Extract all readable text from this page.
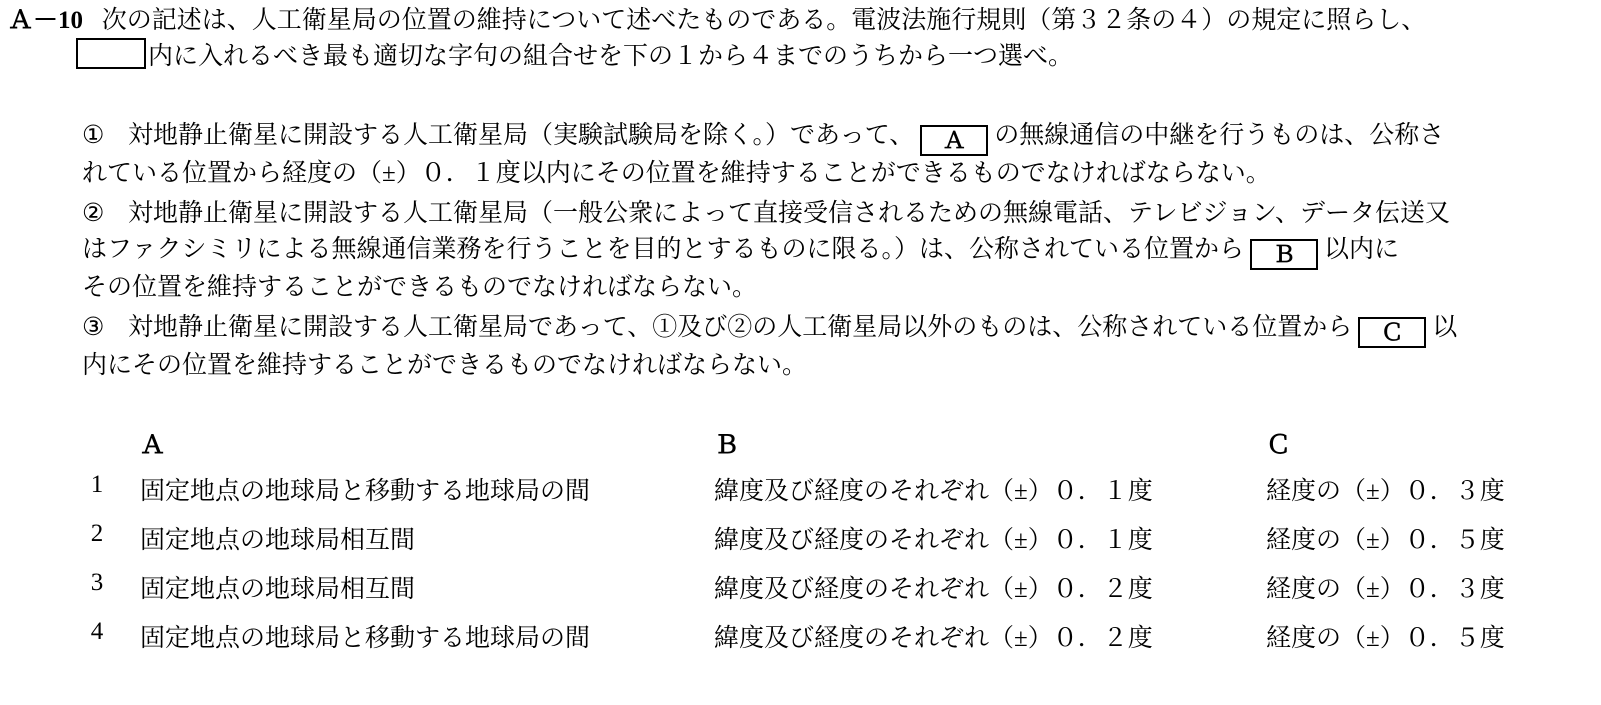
Ａ－10 次の記述は、人工衛星局の位置の維持について述べたものである。電波法施行規則（第３２条の４）の規定に照らし、
内に入れるべき最も適切な字句の組合せを下の１から４までのうちから一つ選べ。
① 対地静止衛星に開設する人工衛星局（実験試験局を除く。）であって、 Ａ の無線通信の中継を行うものは、公称さ
れている位置から経度の（±）０．１度以内にその位置を維持することができるものでなければならない。
② 対地静止衛星に開設する人工衛星局（一般公衆によって直接受信されるための無線電話、テレビジョン、データ伝送又
はファクシミリによる無線通信業務を行うことを目的とするものに限る。）は、公称されている位置から Ｂ 以内に
その位置を維持することができるものでなければならない。
③ 対地静止衛星に開設する人工衛星局であって、①及び②の人工衛星局以外のものは、公称されている位置から Ｃ 以
内にその位置を維持することができるものでなければならない。
Ａ	Ｂ	Ｃ
1 固定地点の地球局と移動する地球局の間	緯度及び経度のそれぞれ（±）０．１度	経度の（±）０．３度
2 固定地点の地球局相互間	緯度及び経度のそれぞれ（±）０．１度	経度の（±）０．５度
3 固定地点の地球局相互間	緯度及び経度のそれぞれ（±）０．２度	経度の（±）０．３度
4 固定地点の地球局と移動する地球局の間	緯度及び経度のそれぞれ（±）０．２度	経度の（±）０．５度
